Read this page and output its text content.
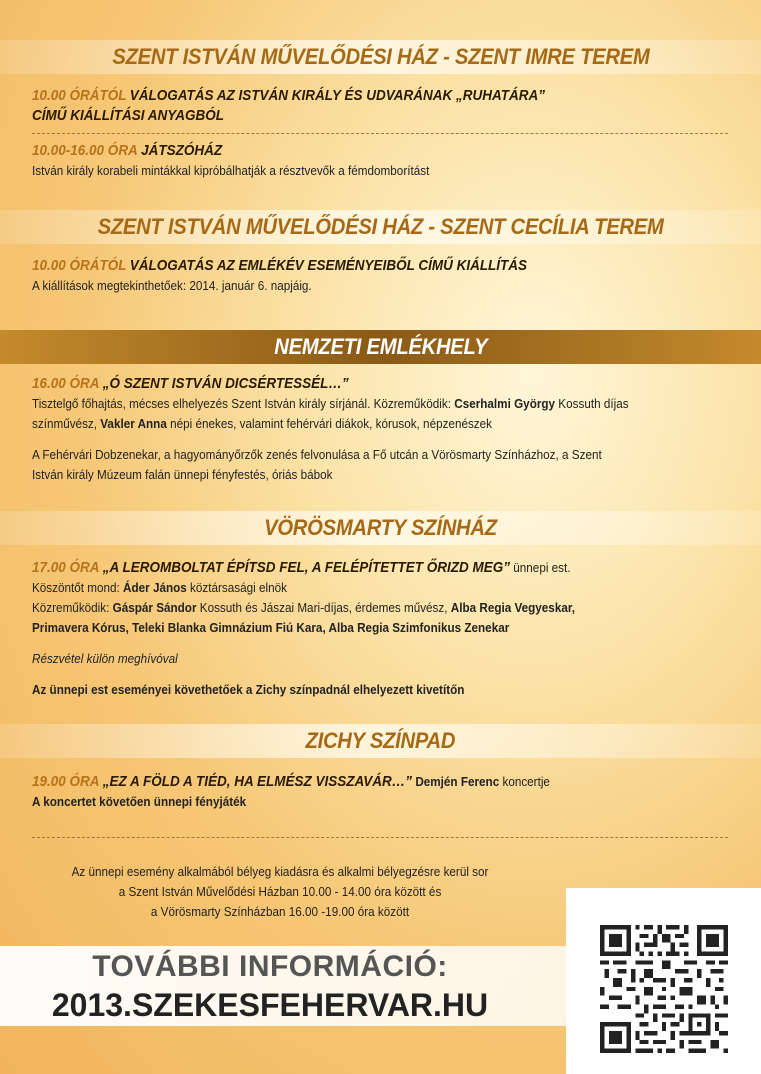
SZENT ISTVÁN MŰVELŐDÉSI HÁZ - SZENT IMRE TEREM
10.00 ÓRÁTÓL VÁLOGATÁS AZ ISTVÁN KIRÁLY ÉS UDVARÁNAK „RUHATÁRA”
CÍMŰ KIÁLLÍTÁSI ANYAGBÓL
10.00-16.00 ÓRA JÁTSZÓHÁZ
István király korabeli mintákkal kipróbálhatják a résztvevők a fémdomborítást
SZENT ISTVÁN MŰVELŐDÉSI HÁZ - SZENT CECÍLIA TEREM
10.00 ÓRÁTÓL VÁLOGATÁS AZ EMLÉKÉV ESEMÉNYEIBŐL CÍMŰ KIÁLLÍTÁS
A kiállítások megtekinthetőek: 2014. január 6. napjáig.
NEMZETI EMLÉKHELY
16.00 ÓRA „Ó SZENT ISTVÁN DICSÉRTESSÉL…”
Tisztelgő főhajtás, mécses elhelyezés Szent István király sírjánál. Közreműködik: Cserhalmi György Kossuth díjas
színművész, Vakler Anna népi énekes, valamint fehérvári diákok, kórusok, népzenészek
A Fehérvári Dobzenekar, a hagyományőrzők zenés felvonulása a Fő utcán a Vörösmarty Színházhoz, a Szent
István király Múzeum falán ünnepi fényfestés, óriás bábok
VÖRÖSMARTY SZÍNHÁZ
17.00 ÓRA „A LEROMBOLTAT ÉPÍTSD FEL, A FELÉPÍTETTET ŐRIZD MEG” ünnepi est.
Köszöntőt mond: Áder János köztársasági elnök
Közreműködik: Gáspár Sándor Kossuth és Jászai Mari-díjas, érdemes művész, Alba Regia Vegyeskar,
Primavera Kórus, Teleki Blanka Gimnázium Fiú Kara, Alba Regia Szimfonikus Zenekar
Részvétel külön meghívóval
Az ünnepi est eseményei követhetőek a Zichy színpadnál elhelyezett kivetítőn
ZICHY SZÍNPAD
19.00 ÓRA „EZ A FÖLD A TIÉD, HA ELMÉSZ VISSZAVÁR…” Demjén Ferenc koncertje
A koncertet követően ünnepi fényjáték
Az ünnepi esemény alkalmából bélyeg kiadásra és alkalmi bélyegzésre kerül sor
a Szent István Művelődési Házban 10.00 - 14.00 óra között és
a Vörösmarty Színházban 16.00 -19.00 óra között
TOVÁBBI INFORMÁCIÓ:
2013.SZEKESFEHERVAR.HU
